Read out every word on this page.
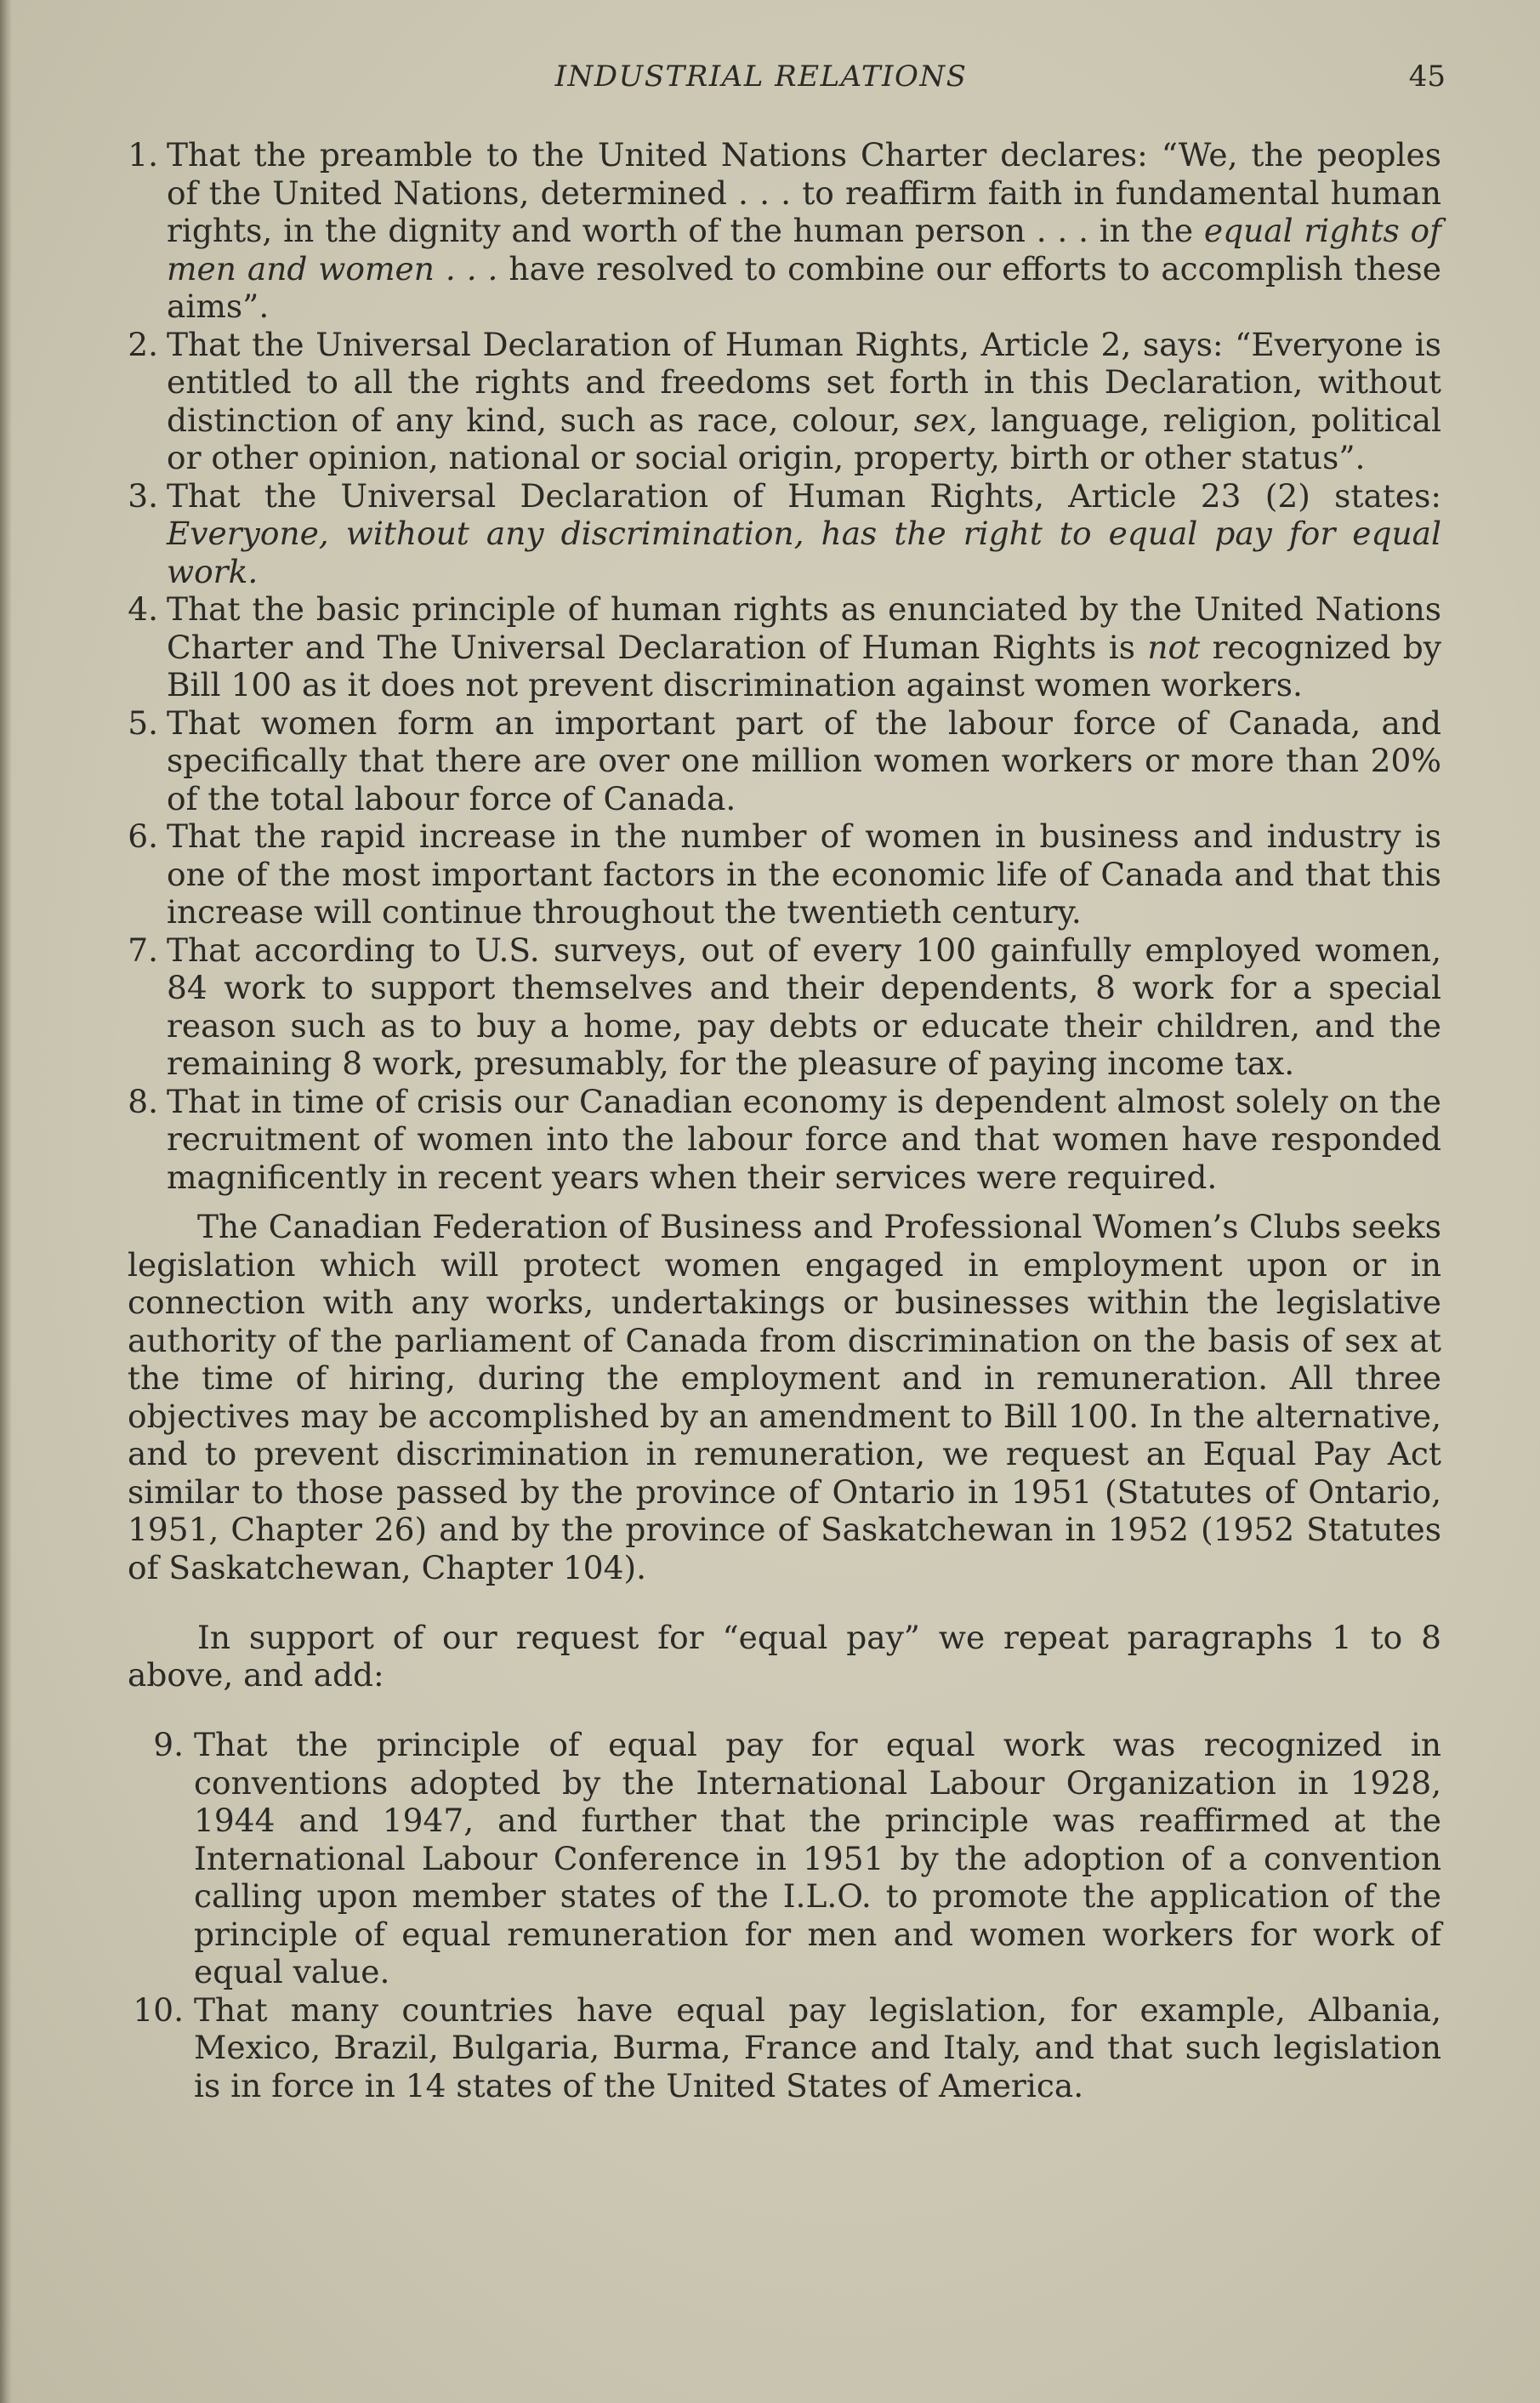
INDUSTRIAL RELATIONS	45
1. That the preamble to the United Nations Charter declares: “We, the peoples of the United Nations, determined . . . to reaffirm faith in fundamental human rights, in the dignity and worth of the human person . . . in the equal rights of men and women . . . have resolved to combine our efforts to accomplish these aims”.
2. That the Universal Declaration of Human Rights, Article 2, says: “Everyone is entitled to all the rights and freedoms set forth in this Declaration, without distinction of any kind, such as race, colour, sex, language, religion, political or other opinion, national or social origin, property, birth or other status”.
3. That the Universal Declaration of Human Rights, Article 23 (2) states: Everyone, without any discrimination, has the right to equal pay for equal work.
4. That the basic principle of human rights as enunciated by the United Nations Charter and The Universal Declaration of Human Rights is not recognized by Bill 100 as it does not prevent discrimination against women workers.
5. That women form an important part of the labour force of Canada, and specifically that there are over one million women workers or more than 20% of the total labour force of Canada.
6. That the rapid increase in the number of women in business and industry is one of the most important factors in the economic life of Canada and that this increase will continue throughout the twentieth century.
7. That according to U.S. surveys, out of every 100 gainfully employed women, 84 work to support themselves and their dependents, 8 work for a special reason such as to buy a home, pay debts or educate their children, and the remaining 8 work, presumably, for the pleasure of paying income tax.
8. That in time of crisis our Canadian economy is dependent almost solely on the recruitment of women into the labour force and that women have responded magnificently in recent years when their services were required.

The Canadian Federation of Business and Professional Women’s Clubs seeks legislation which will protect women engaged in employment upon or in connection with any works, undertakings or businesses within the legislative authority of the parliament of Canada from discrimination on the basis of sex at the time of hiring, during the employment and in remuneration. All three objectives may be accomplished by an amendment to Bill 100. In the alternative, and to prevent discrimination in remuneration, we request an Equal Pay Act similar to those passed by the province of Ontario in 1951 (Statutes of Ontario, 1951, Chapter 26) and by the province of Saskatchewan in 1952 (1952 Statutes of Saskatchewan, Chapter 104).

In support of our request for “equal pay” we repeat paragraphs 1 to 8 above, and add:

9. That the principle of equal pay for equal work was recognized in conventions adopted by the International Labour Organization in 1928, 1944 and 1947, and further that the principle was reaffirmed at the International Labour Conference in 1951 by the adoption of a convention calling upon member states of the I.L.O. to promote the application of the principle of equal remuneration for men and women workers for work of equal value.
10. That many countries have equal pay legislation, for example, Albania, Mexico, Brazil, Bulgaria, Burma, France and Italy, and that such legislation is in force in 14 states of the United States of America.
